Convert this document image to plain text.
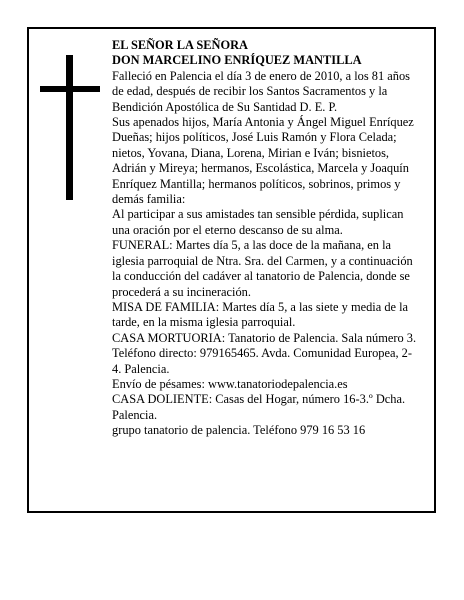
EL SEÑOR LA SEÑORA

DON MARCELINO ENRÍQUEZ MANTILLA

Falleció en Palencia el día 3 de enero de 2010, a los 81 años de edad, después de recibir los Santos Sacramentos y la Bendición Apostólica de Su Santidad D. E. P.

Sus apenados hijos, María Antonia y Ángel Miguel Enríquez Dueñas; hijos políticos, José Luis Ramón y Flora Celada; nietos, Yovana, Diana, Lorena, Mirian e Iván; bisnietos, Adrián y Mireya; hermanos, Escolástica, Marcela y Joaquín Enríquez Mantilla; hermanos políticos, sobrinos, primos y demás familia:

Al participar a sus amistades tan sensible pérdida, suplican una oración por el eterno descanso de su alma.

FUNERAL: Martes día 5, a las doce de la mañana, en la iglesia parroquial de Ntra. Sra. del Carmen, y a continuación la conducción del cadáver al tanatorio de Palencia, donde se procederá a su incineración.

MISA DE FAMILIA: Martes día 5, a las siete y media de la tarde, en la misma iglesia parroquial.

CASA MORTUORIA: Tanatorio de Palencia. Sala número 3. Teléfono directo: 979165465. Avda. Comunidad Europea, 2-4. Palencia.

Envío de pésames: www.tanatoriodepalencia.es

CASA DOLIENTE: Casas del Hogar, número 16-3.º Dcha. Palencia.

grupo tanatorio de palencia. Teléfono 979 16 53 16
